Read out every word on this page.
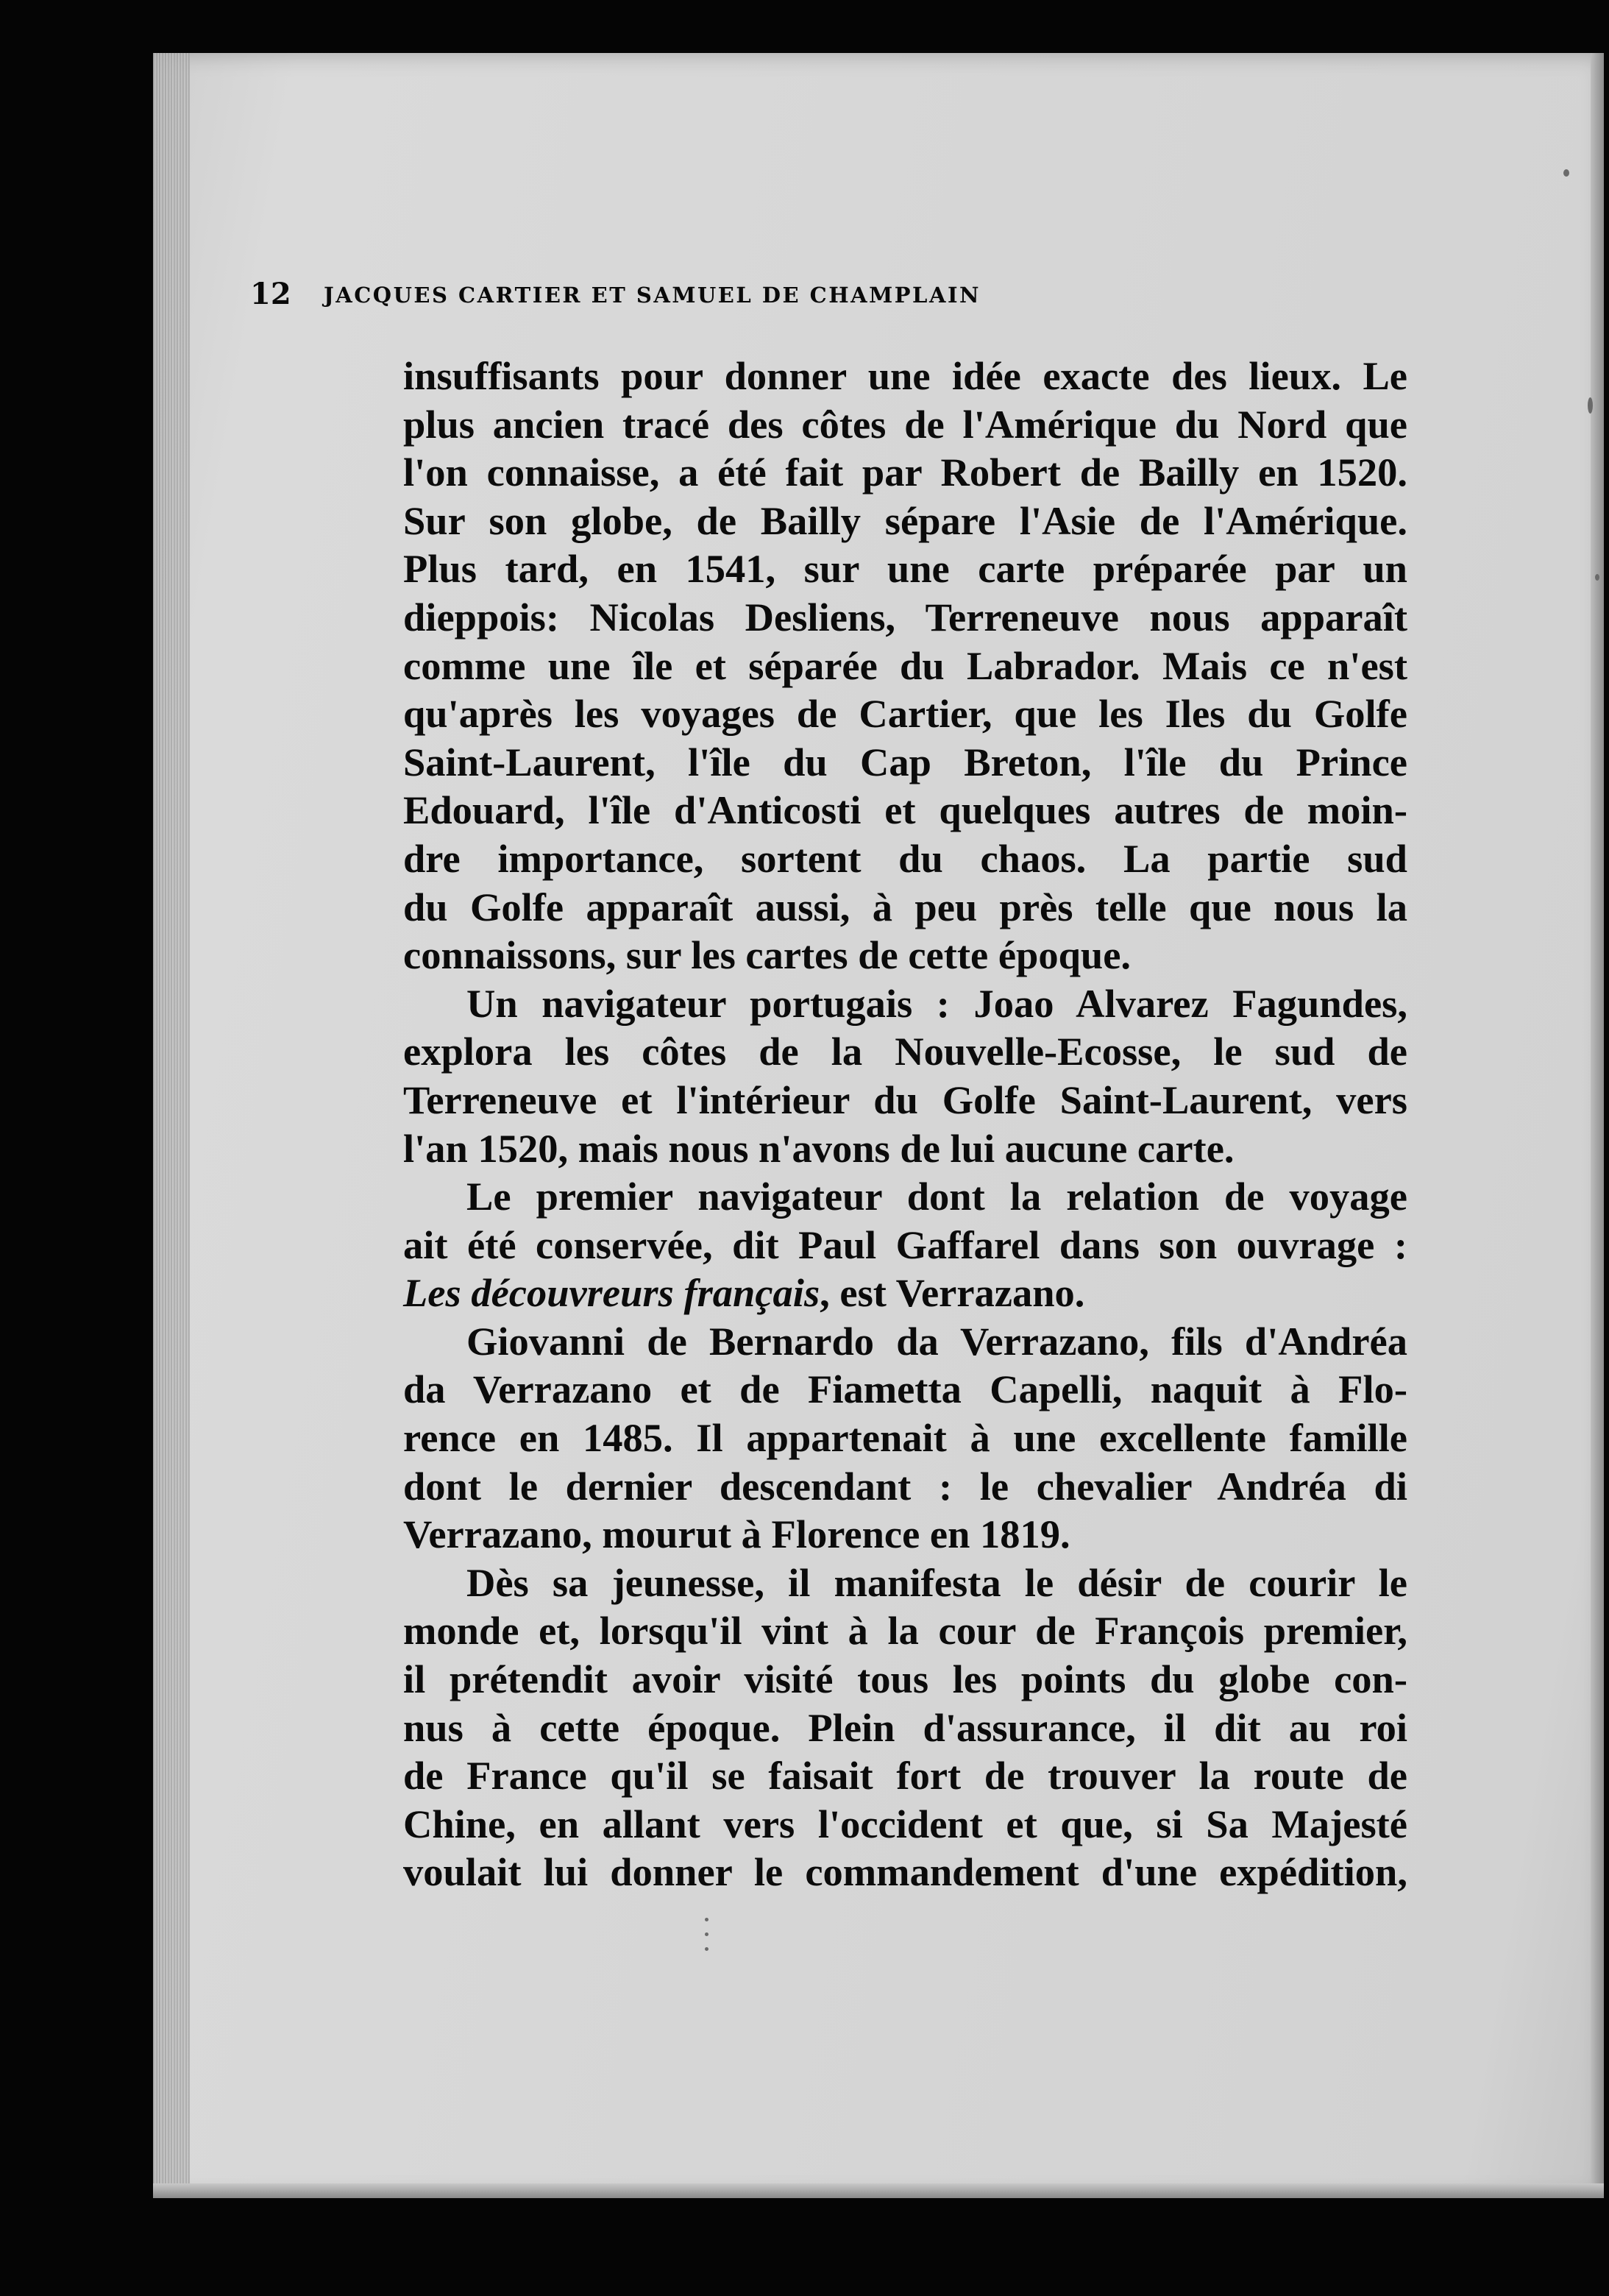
12 JACQUES CARTIER ET SAMUEL DE CHAMPLAIN
insuffisants pour donner une idée exacte des lieux. Le
plus ancien tracé des côtes de l'Amérique du Nord que
l'on connaisse, a été fait par Robert de Bailly en 1520.
Sur son globe, de Bailly sépare l'Asie de l'Amérique.
Plus tard, en 1541, sur une carte préparée par un
dieppois: Nicolas Desliens, Terreneuve nous apparaît
comme une île et séparée du Labrador. Mais ce n'est
qu'après les voyages de Cartier, que les Iles du Golfe
Saint-Laurent, l'île du Cap Breton, l'île du Prince
Edouard, l'île d'Anticosti et quelques autres de moin-
dre importance, sortent du chaos. La partie sud
du Golfe apparaît aussi, à peu près telle que nous la
connaissons, sur les cartes de cette époque.
Un navigateur portugais : Joao Alvarez Fagundes,
explora les côtes de la Nouvelle-Ecosse, le sud de
Terreneuve et l'intérieur du Golfe Saint-Laurent, vers
l'an 1520, mais nous n'avons de lui aucune carte.
Le premier navigateur dont la relation de voyage
ait été conservée, dit Paul Gaffarel dans son ouvrage :
Les découvreurs français, est Verrazano.
Giovanni de Bernardo da Verrazano, fils d'Andréa
da Verrazano et de Fiametta Capelli, naquit à Flo-
rence en 1485. Il appartenait à une excellente famille
dont le dernier descendant : le chevalier Andréa di
Verrazano, mourut à Florence en 1819.
Dès sa jeunesse, il manifesta le désir de courir le
monde et, lorsqu'il vint à la cour de François premier,
il prétendit avoir visité tous les points du globe con-
nus à cette époque. Plein d'assurance, il dit au roi
de France qu'il se faisait fort de trouver la route de
Chine, en allant vers l'occident et que, si Sa Majesté
voulait lui donner le commandement d'une expédition,
